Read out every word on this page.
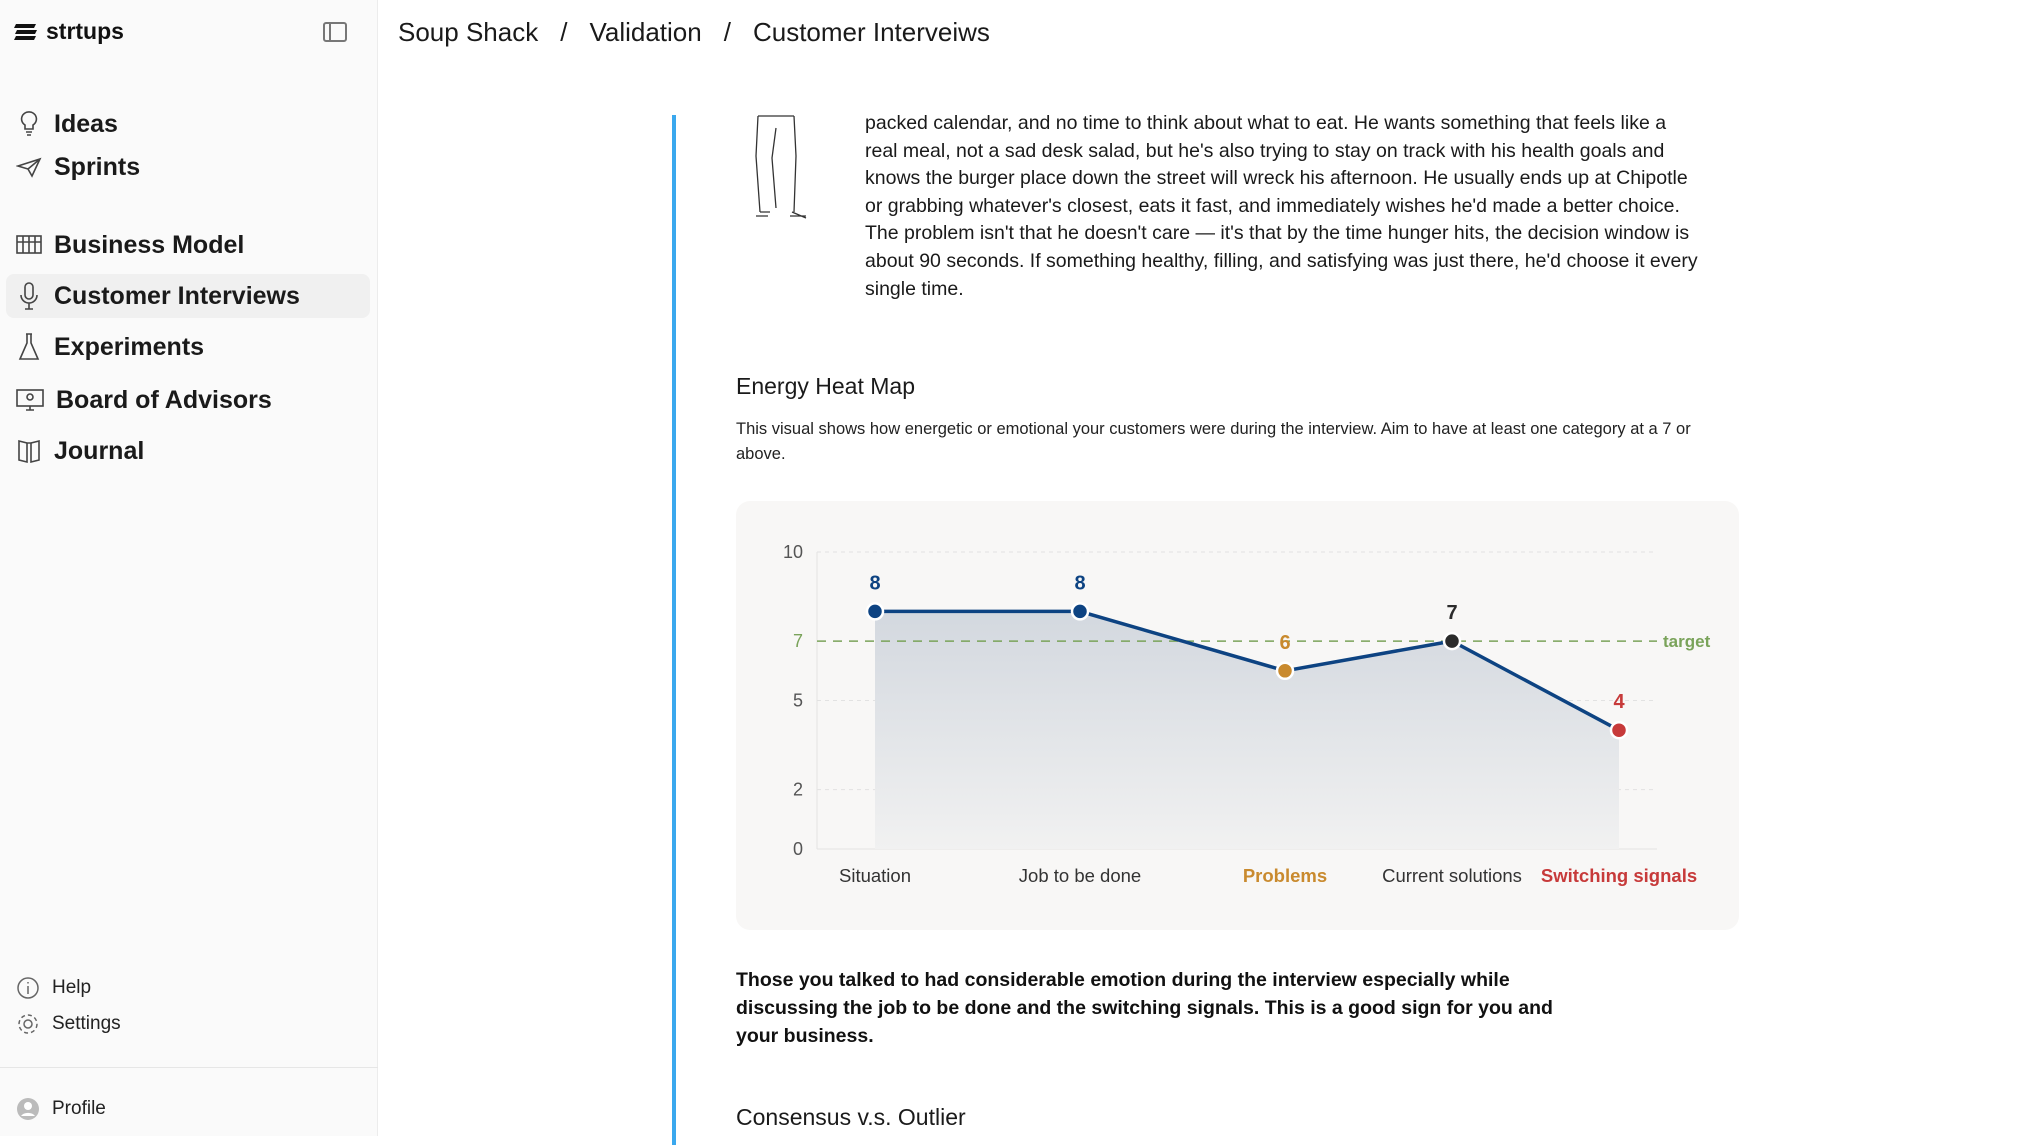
strtups
Ideas
Sprints
Business Model
Customer Interviews
Experiments
Board of Advisors
Journal
Help
Settings
Profile
Soup Shack / Validation / Customer Interveiws
packed calendar, and no time to think about what to eat. He wants something that feels like a real meal, not a sad desk salad, but he's also trying to stay on track with his health goals and knows the burger place down the street will wreck his afternoon. He usually ends up at Chipotle or grabbing whatever's closest, eats it fast, and immediately wishes he'd made a better choice. The problem isn't that he doesn't care — it's that by the time hunger hits, the decision window is about 90 seconds. If something healthy, filling, and satisfying was just there, he'd choose it every single time.
Energy Heat Map
This visual shows how energetic or emotional your customers were during the interview. Aim to have at least one category at a 7 or above.
0
2
5
7
10
target
8
Situation
8
Job to be done
6
Problems
7
Current solutions
4
Switching signals
Those you talked to had considerable emotion during the interview especially while discussing the job to be done and the switching signals. This is a good sign for you and your business.
Consensus v.s. Outlier
